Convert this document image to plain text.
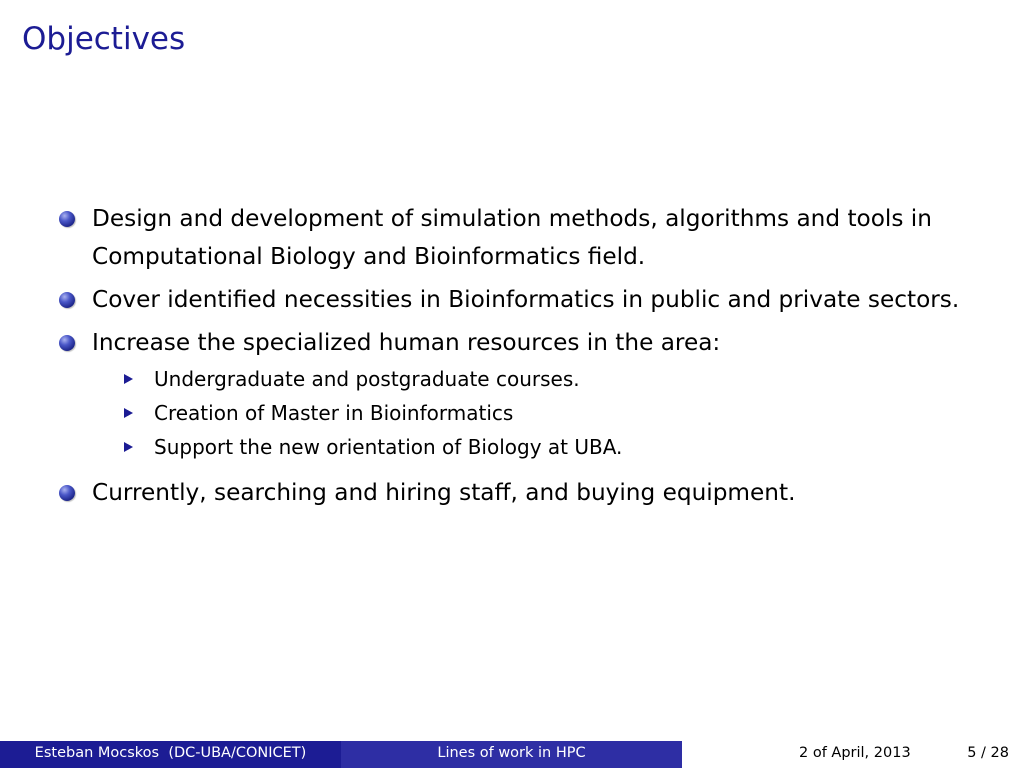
Objectives
Design and development of simulation methods, algorithms and tools in Computational Biology and Bioinformatics field.
Cover identified necessities in Bioinformatics in public and private sectors.
Increase the specialized human resources in the area:
Undergraduate and postgraduate courses.
Creation of Master in Bioinformatics
Support the new orientation of Biology at UBA.
Currently, searching and hiring staff, and buying equipment.
Esteban Mocskos  (DC-UBA/CONICET)	Lines of work in HPC	2 of April, 2013	5 / 28
